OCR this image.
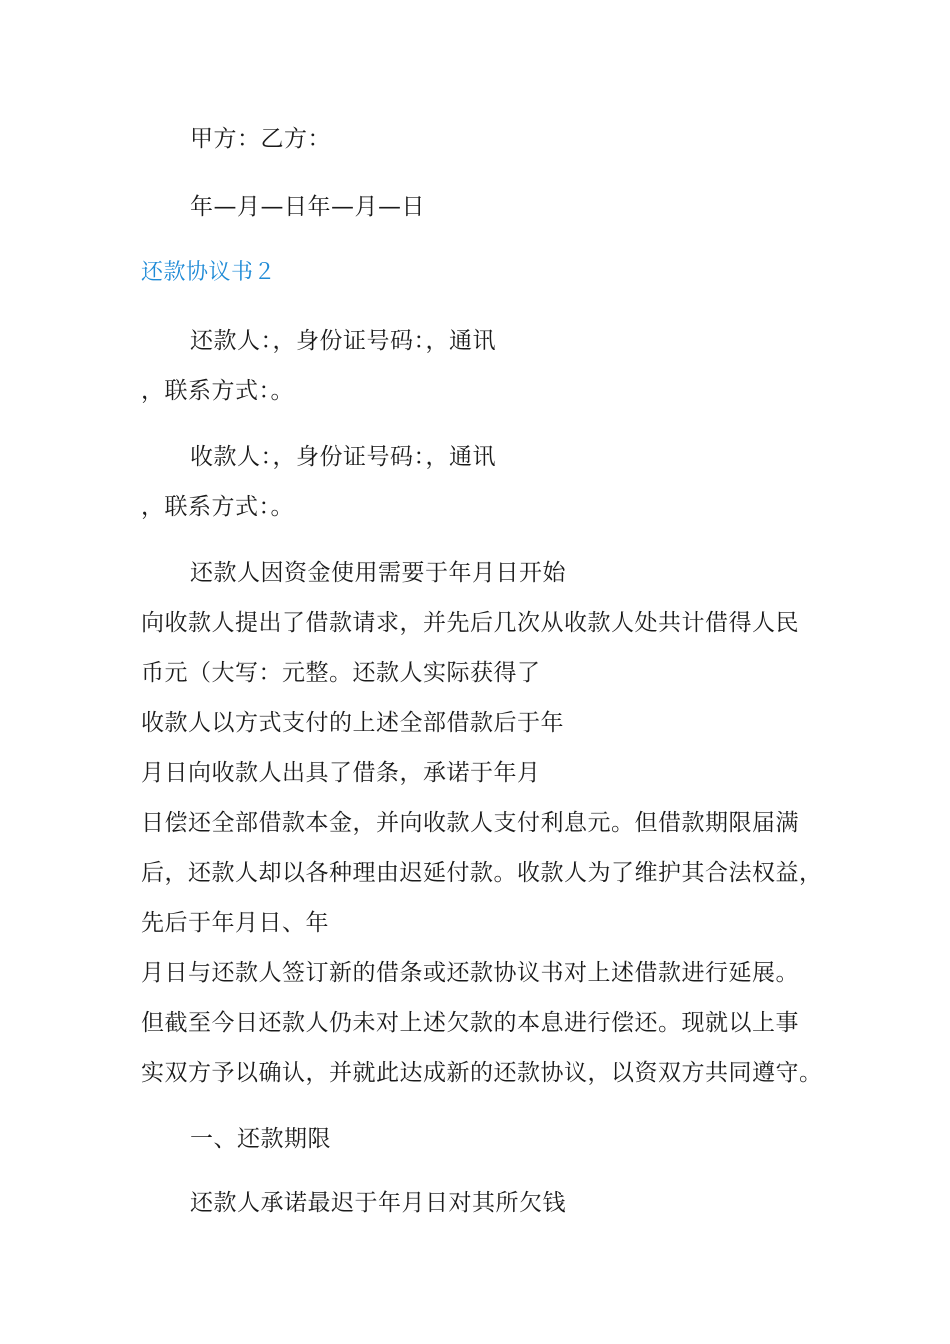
甲方：乙方：
年—月—日年—月—日
还款协议书２
还款人：，身份证号码：，通讯
，联系方式：。
收款人：，身份证号码：，通讯
，联系方式：。
还款人因资金使用需要于年月日开始
向收款人提出了借款请求，并先后几次从收款人处共计借得人民
币元（大写：元整。还款人实际获得了
收款人以方式支付的上述全部借款后于年
月日向收款人出具了借条，承诺于年月
日偿还全部借款本金，并向收款人支付利息元。但借款期限届满
后，还款人却以各种理由迟延付款。收款人为了维护其合法权益，
先后于年月日、年
月日与还款人签订新的借条或还款协议书对上述借款进行延展。
但截至今日还款人仍未对上述欠款的本息进行偿还。现就以上事
实双方予以确认，并就此达成新的还款协议，以资双方共同遵守。
一、还款期限
还款人承诺最迟于年月日对其所欠钱
